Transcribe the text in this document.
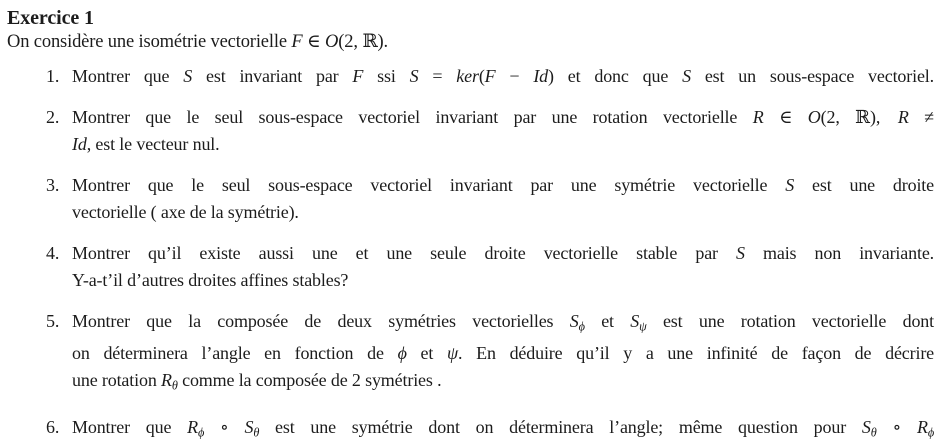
Exercice 1

On considère une isométrie vectorielle F ∈ O(2, ℝ).

1. Montrer que S est invariant par F ssi S = ker(F − Id) et donc que S est un sous-espace vectoriel.
2. Montrer que le seul sous-espace vectoriel invariant par une rotation vectorielle R ∈ O(2, ℝ),   R ≠
Id, est le vecteur nul.
3. Montrer que le seul sous-espace vectoriel invariant par une symétrie vectorielle S est une droite
vectorielle ( axe de la symétrie).
4. Montrer qu’il existe aussi une et une seule droite vectorielle stable par S mais non invariante.
Y-a-t’il d’autres droites affines stables?
5. Montrer que la composée de deux symétries vectorielles Sϕ et Sψ est une rotation vectorielle dont
on déterminera l’angle en fonction de ϕ et ψ. En déduire qu’il y a une infinité de façon de décrire
une rotation Rθ comme la composée de 2 symétries .
6. Montrer que Rϕ ∘ Sθ est une symétrie dont on déterminera l’angle; même question pour Sθ ∘ Rϕ
